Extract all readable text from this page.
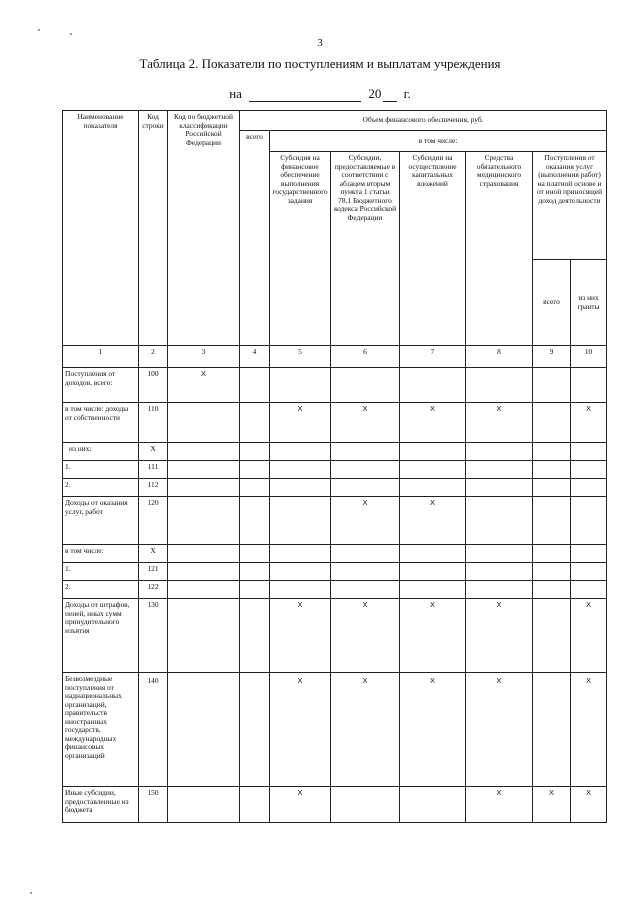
3
Таблица 2. Показатели по поступлениям и выплатам учреждения
на	20 г.
Наименование показателя	Код строки	Код по бюджетной классификации Российской Федерации	Объем финансового обеспечения, руб.						
			всего	в том числе:					
				Субсидия на финансовое обеспечение выполнения государственного задания	Субсидии, предоставляемые в соответствии с абзацем вторым пункта 1 статьи 78.1 Бюджетного кодекса Российской Федерации	Субсидии на осуществление капитальных вложений	Средства обязательного медицинского страхования	Поступления от оказания услуг (выполнения работ) на платной основе и от иной приносящей доход деятельности	
								всего	из них гранты
1	2	3	4	5	6	7	8	9	10
Поступления от доходов, всего:	100	X							
в том числе: доходы от собственности	110			X	X	X	X		X
из них:	X								
1.	111								
2.	112								
Доходы от оказания услуг, работ	120				X	X			
в том числе:	X								
1.	121								
2.	122								
Доходы от штрафов, пеней, иных сумм принудительного изъятия	130			X	X	X	X		X
Безвозмездные поступления от наднациональных организаций, правительств иностранных государств, международных финансовых организаций	140			X	X	X	X		X
Иные субсидии, предоставленные из бюджета	150			X			X	X	X
